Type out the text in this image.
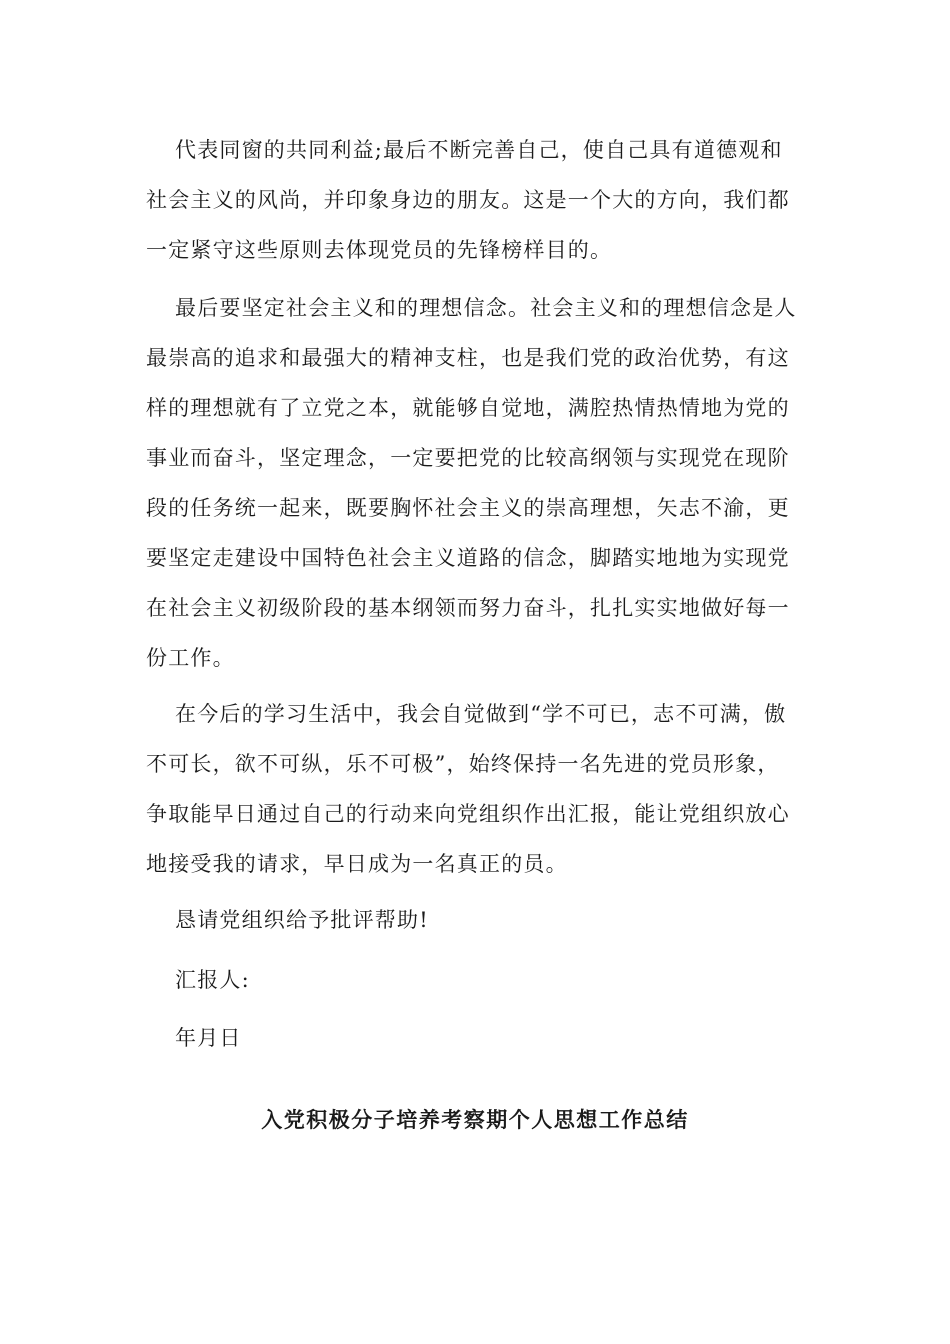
代表同窗的共同利益;最后不断完善自己，使自己具有道德观和
社会主义的风尚，并印象身边的朋友。这是一个大的方向，我们都
一定紧守这些原则去体现党员的先锋榜样目的。
最后要坚定社会主义和的理想信念。社会主义和的理想信念是人
最崇高的追求和最强大的精神支柱，也是我们党的政治优势，有这
样的理想就有了立党之本，就能够自觉地，满腔热情热情地为党的
事业而奋斗，坚定理念，一定要把党的比较高纲领与实现党在现阶
段的任务统一起来，既要胸怀社会主义的崇高理想，矢志不渝，更
要坚定走建设中国特色社会主义道路的信念，脚踏实地地为实现党
在社会主义初级阶段的基本纲领而努力奋斗，扎扎实实地做好每一
份工作。
在今后的学习生活中，我会自觉做到“学不可已，志不可满，傲
不可长，欲不可纵，乐不可极”，始终保持一名先进的党员形象，
争取能早日通过自己的行动来向党组织作出汇报，能让党组织放心
地接受我的请求，早日成为一名真正的员。
恳请党组织给予批评帮助!
汇报人:
年月日
入党积极分子培养考察期个人思想工作总结
